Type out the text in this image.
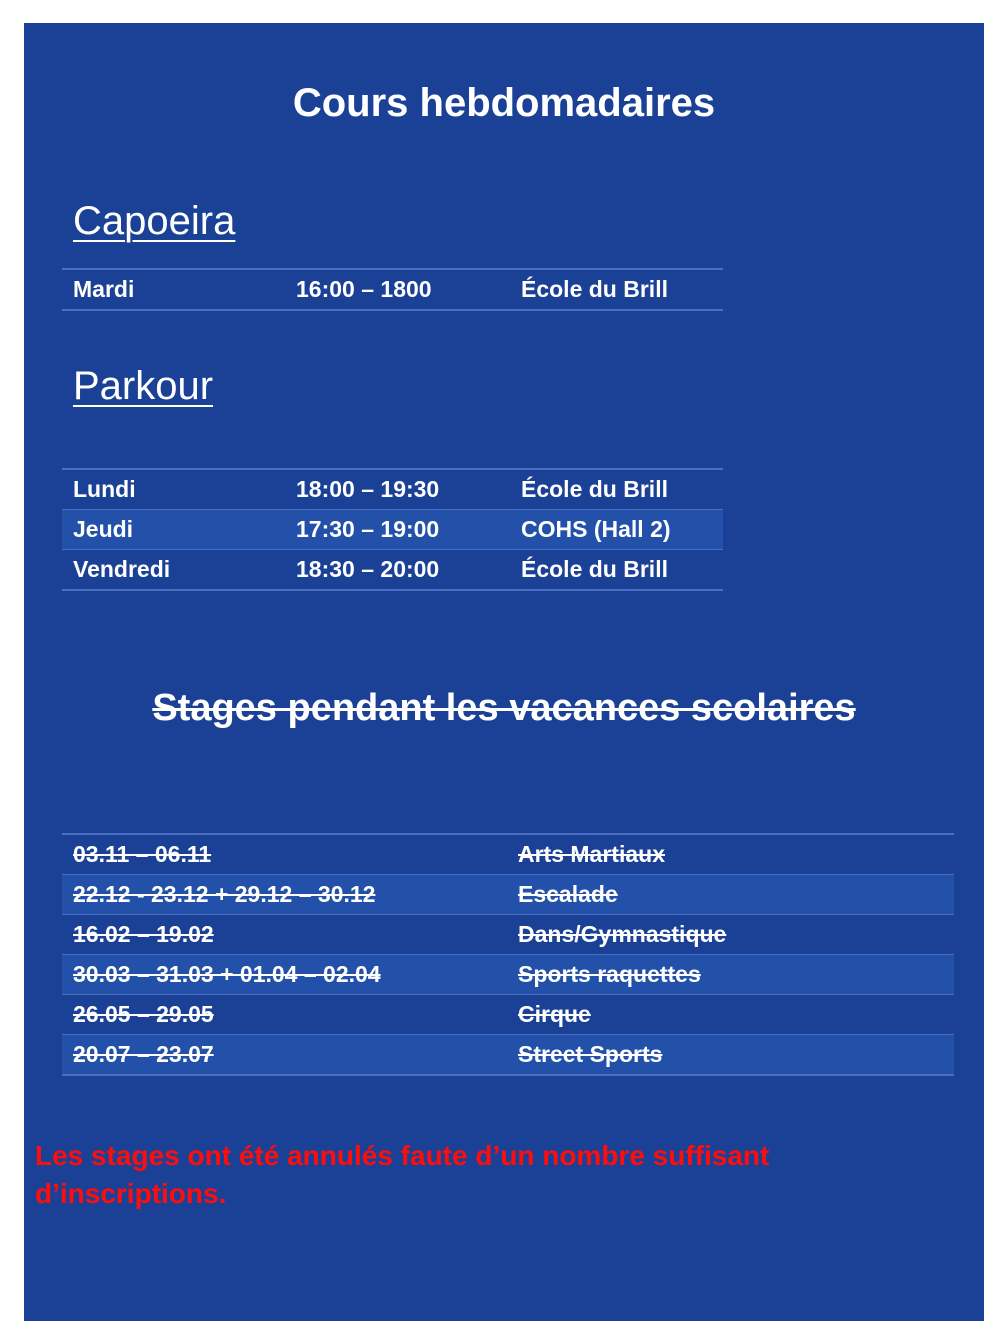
Cours hebdomadaires
Capoeira
Mardi	16:00 – 1800	École du Brill
Parkour
Lundi	18:00 – 19:30	École du Brill
Jeudi	17:30 – 19:00	COHS (Hall 2)
Vendredi	18:30 – 20:00	École du Brill
Stages pendant les vacances scolaires
03.11 – 06.11	Arts Martiaux
22.12 - 23.12 + 29.12 – 30.12	Escalade
16.02 – 19.02	Dans/Gymnastique
30.03 – 31.03 + 01.04 – 02.04	Sports raquettes
26.05 – 29.05	Cirque
20.07 – 23.07	Street Sports

Les stages ont été annulés faute d’un nombre suffisant d’inscriptions.
